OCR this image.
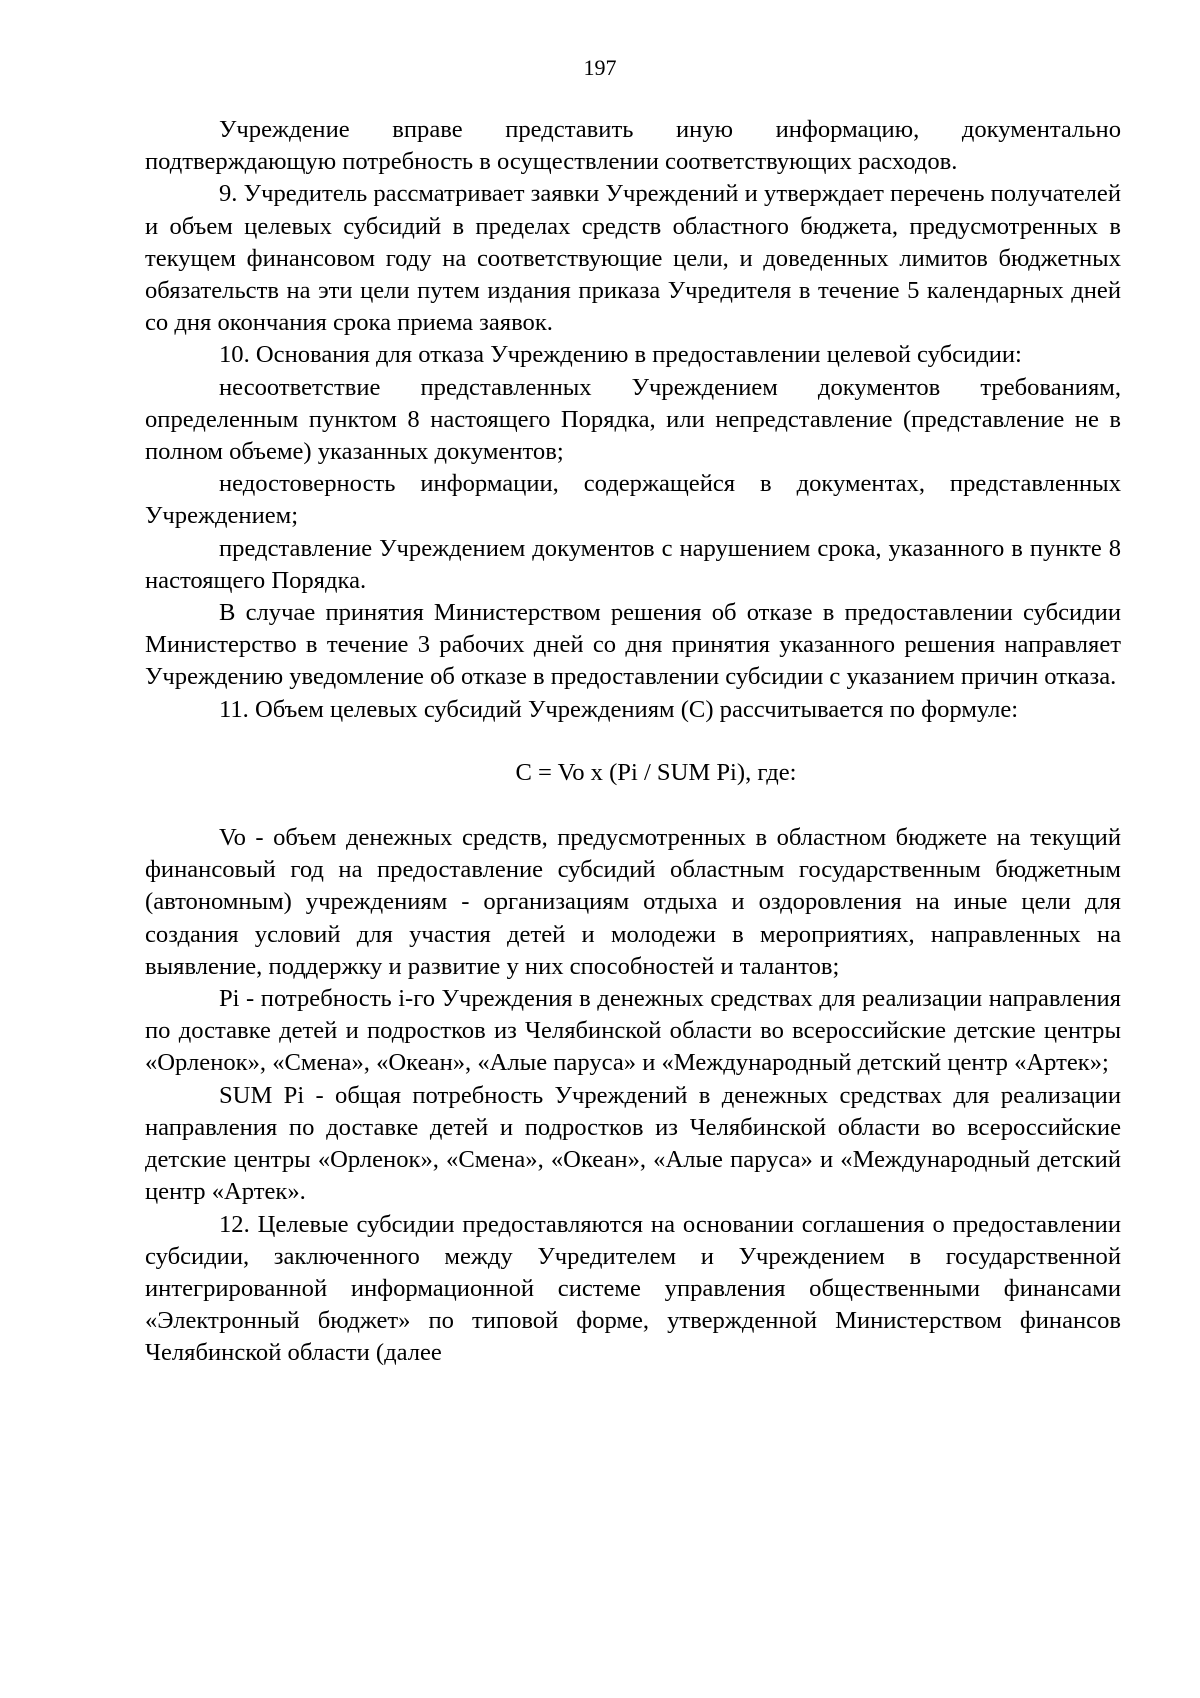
197

Учреждение вправе представить иную информацию, документально подтверждающую потребность в осуществлении соответствующих расходов.

9. Учредитель рассматривает заявки Учреждений и утверждает перечень получателей и объем целевых субсидий в пределах средств областного бюджета, предусмотренных в текущем финансовом году на соответствующие цели, и доведенных лимитов бюджетных обязательств на эти цели путем издания приказа Учредителя в течение 5 календарных дней со дня окончания срока приема заявок.

10. Основания для отказа Учреждению в предоставлении целевой субсидии:

несоответствие представленных Учреждением документов требованиям, определенным пунктом 8 настоящего Порядка, или непредставление (представление не в полном объеме) указанных документов;

недостоверность информации, содержащейся в документах, представленных Учреждением;

представление Учреждением документов с нарушением срока, указанного в пункте 8 настоящего Порядка.

В случае принятия Министерством решения об отказе в предоставлении субсидии Министерство в течение 3 рабочих дней со дня принятия указанного решения направляет Учреждению уведомление об отказе в предоставлении субсидии с указанием причин отказа.

11. Объем целевых субсидий Учреждениям (С) рассчитывается по формуле:

C = Vo x (Pi / SUM Pi), где:

Vo - объем денежных средств, предусмотренных в областном бюджете на текущий финансовый год на предоставление субсидий областным государственным бюджетным (автономным) учреждениям - организациям отдыха и оздоровления на иные цели для создания условий для участия детей и молодежи в мероприятиях, направленных на выявление, поддержку и развитие у них способностей и талантов;

Pi - потребность i-го Учреждения в денежных средствах для реализации направления по доставке детей и подростков из Челябинской области во всероссийские детские центры «Орленок», «Смена», «Океан», «Алые паруса» и «Международный детский центр «Артек»;

SUM Pi - общая потребность Учреждений в денежных средствах для реализации направления по доставке детей и подростков из Челябинской области во всероссийские детские центры «Орленок», «Смена», «Океан», «Алые паруса» и «Международный детский центр «Артек».

12. Целевые субсидии предоставляются на основании соглашения о предоставлении субсидии, заключенного между Учредителем и Учреждением в государственной интегрированной информационной системе управления общественными финансами «Электронный бюджет» по типовой форме, утвержденной Министерством финансов Челябинской области (далее
